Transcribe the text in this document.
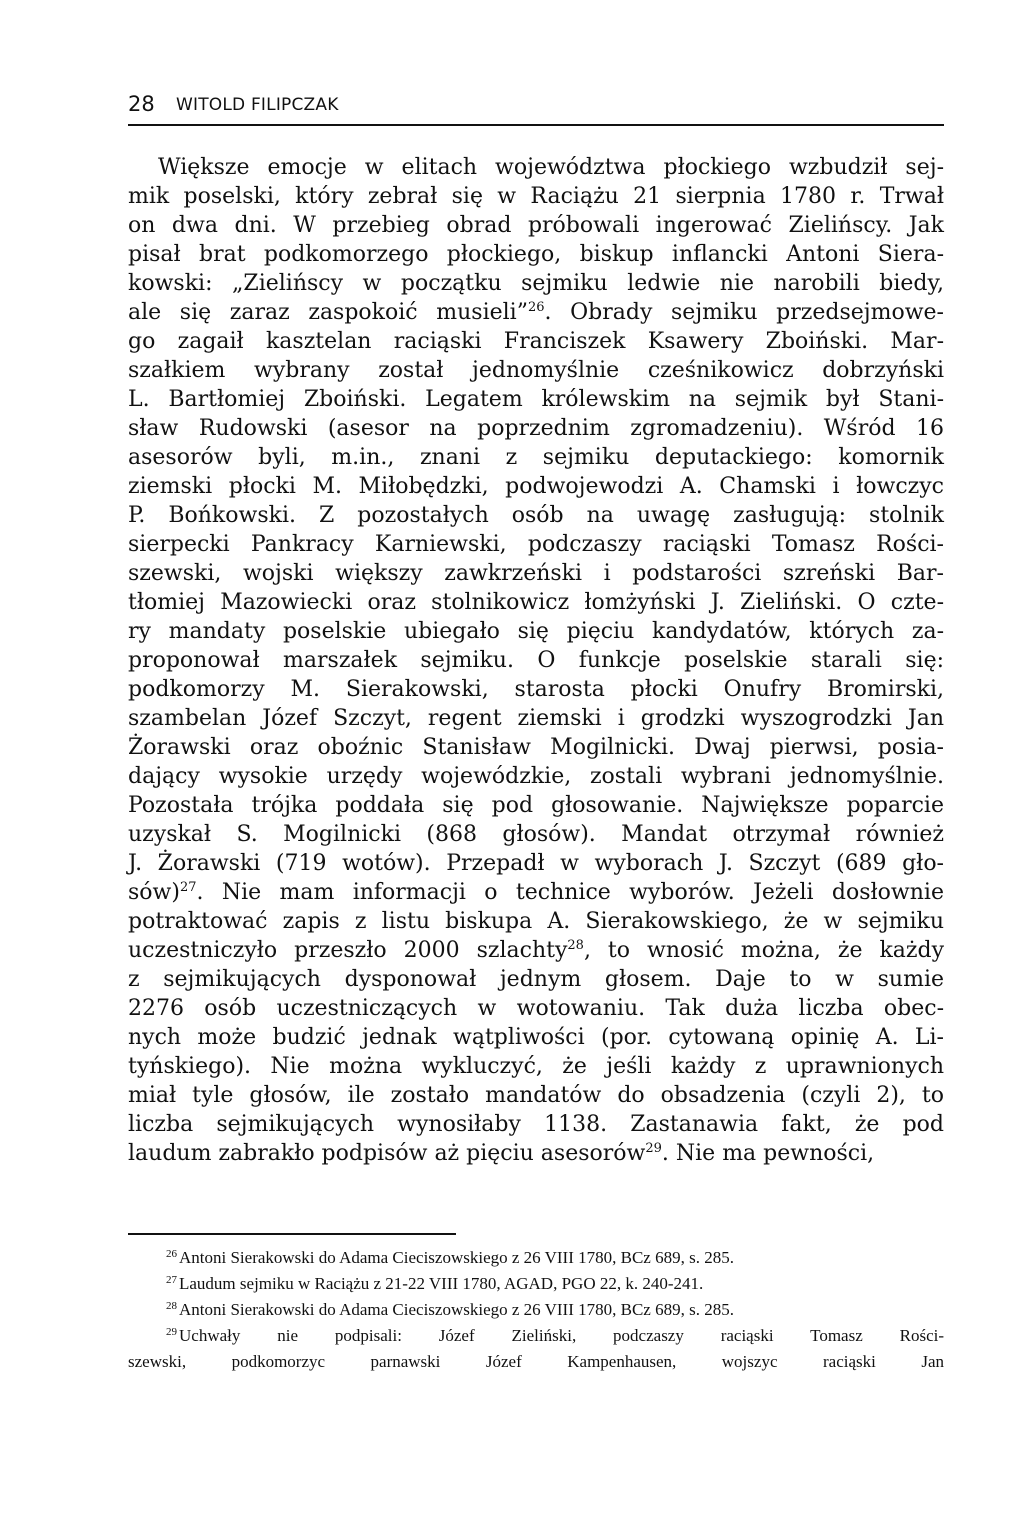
28 WITOLD FILIPCZAK
Większe emocje w elitach województwa płockiego wzbudził sej-
mik poselski, który zebrał się w Raciążu 21 sierpnia 1780 r. Trwał
on dwa dni. W przebieg obrad próbowali ingerować Zielińscy. Jak
pisał brat podkomorzego płockiego, biskup inflancki Antoni Siera-
kowski: „Zielińscy w początku sejmiku ledwie nie narobili biedy,
ale się zaraz zaspokoić musieli”$^{26}$. Obrady sejmiku przedsejmowe-
go zagaił kasztelan raciąski Franciszek Ksawery Zboiński. Mar-
szałkiem wybrany został jednomyślnie cześnikowicz dobrzyński
L. Bartłomiej Zboiński. Legatem królewskim na sejmik był Stani-
sław Rudowski (asesor na poprzednim zgromadzeniu). Wśród 16
asesorów byli, m.in., znani z sejmiku deputackiego: komornik
ziemski płocki M. Miłobędzki, podwojewodzi A. Chamski i łowczyc
P. Bońkowski. Z pozostałych osób na uwagę zasługują: stolnik
sierpecki Pankracy Karniewski, podczaszy raciąski Tomasz Rości-
szewski, wojski większy zawkrzeński i podstarości szreński Bar-
tłomiej Mazowiecki oraz stolnikowicz łomżyński J. Zieliński. O czte-
ry mandaty poselskie ubiegało się pięciu kandydatów, których za-
proponował marszałek sejmiku. O funkcje poselskie starali się:
podkomorzy M. Sierakowski, starosta płocki Onufry Bromirski,
szambelan Józef Szczyt, regent ziemski i grodzki wyszogrodzki Jan
Żorawski oraz oboźnic Stanisław Mogilnicki. Dwaj pierwsi, posia-
dający wysokie urzędy wojewódzkie, zostali wybrani jednomyślnie.
Pozostała trójka poddała się pod głosowanie. Największe poparcie
uzyskał S. Mogilnicki (868 głosów). Mandat otrzymał również
J. Żorawski (719 wotów). Przepadł w wyborach J. Szczyt (689 gło-
sów)$^{27}$. Nie mam informacji o technice wyborów. Jeżeli dosłownie
potraktować zapis z listu biskupa A. Sierakowskiego, że w sejmiku
uczestniczyło przeszło 2000 szlachty$^{28}$, to wnosić można, że każdy
z sejmikujących dysponował jednym głosem. Daje to w sumie
2276 osób uczestniczących w wotowaniu. Tak duża liczba obec-
nych może budzić jednak wątpliwości (por. cytowaną opinię A. Li-
tyńskiego). Nie można wykluczyć, że jeśli każdy z uprawnionych
miał tyle głosów, ile zostało mandatów do obsadzenia (czyli 2), to
liczba sejmikujących wynosiłaby 1138. Zastanawia fakt, że pod
laudum zabrakło podpisów aż pięciu asesorów$^{29}$. Nie ma pewności,
$^{26}$ Antoni Sierakowski do Adama Cieciszowskiego z 26 VIII 1780, BCz 689, s. 285.
$^{27}$ Laudum sejmiku w Raciążu z 21-22 VIII 1780, AGAD, PGO 22, k. 240-241.
$^{28}$ Antoni Sierakowski do Adama Cieciszowskiego z 26 VIII 1780, BCz 689, s. 285.
$^{29}$ Uchwały nie podpisali: Józef Zieliński, podczaszy raciąski Tomasz Rości-
szewski, podkomorzyc parnawski Józef Kampenhausen, wojszyc raciąski Jan
